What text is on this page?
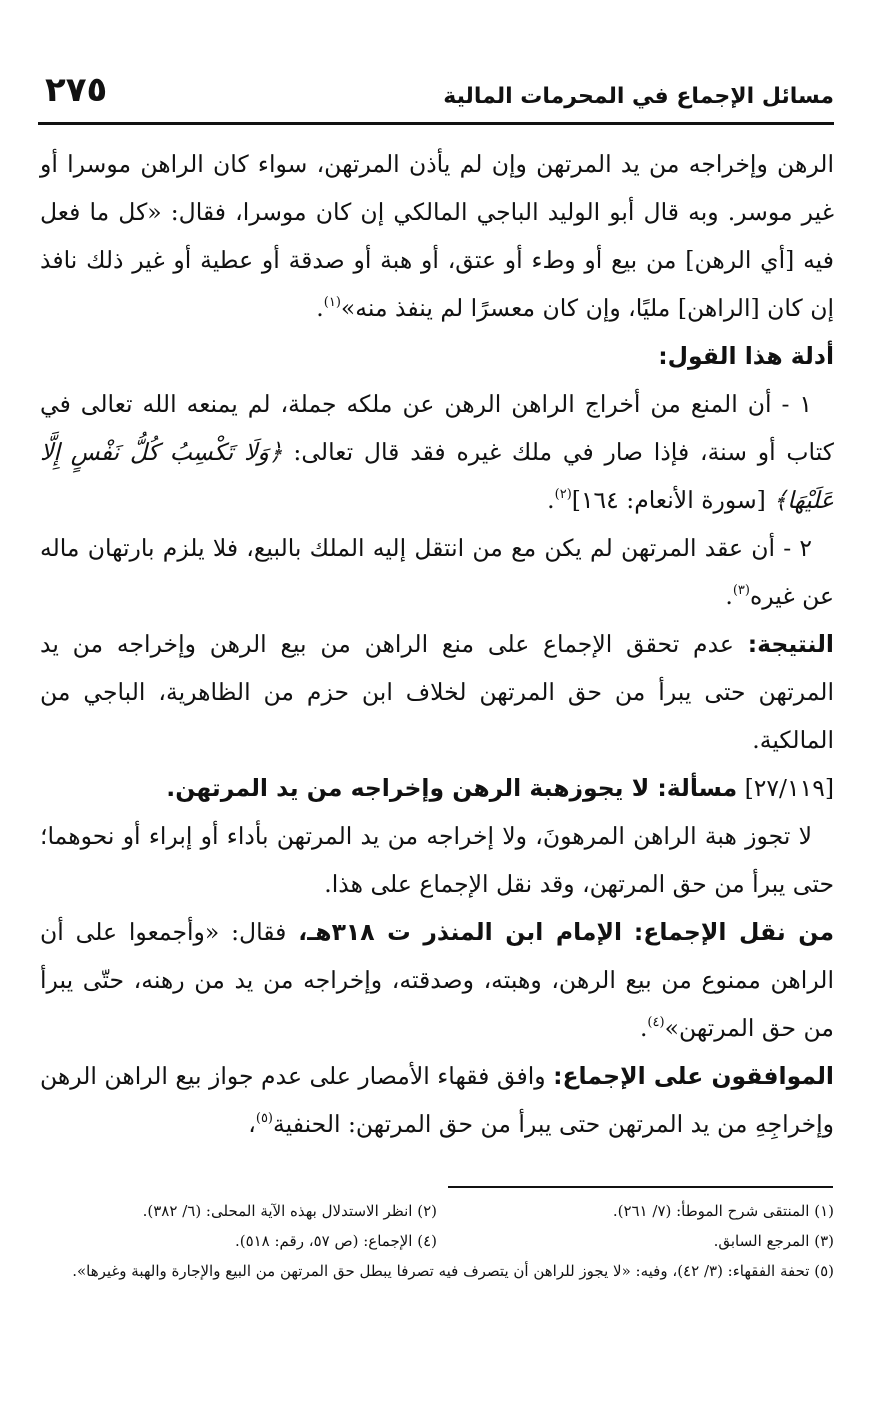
مسائل الإجماع في المحرمات المالية
٢٧٥

الرهن وإخراجه من يد المرتهن وإن لم يأذن المرتهن، سواء كان الراهن موسرا أو غير موسر. وبه قال أبو الوليد الباجي المالكي إن كان موسرا، فقال: «كل ما فعل فيه [أي الرهن] من بيع أو وطء أو عتق، أو هبة أو صدقة أو عطية أو غير ذلك نافذ إن كان [الراهن] مليًا، وإن كان معسرًا لم ينفذ منه»$^{(١)}$.

أدلة هذا القول:

١ - أن المنع من أخراج الراهن الرهن عن ملكه جملة، لم يمنعه الله تعالى في كتاب أو سنة، فإذا صار في ملك غيره فقد قال تعالى: ﴿وَلَا تَكْسِبُ كُلُّ نَفْسٍ إِلَّا عَلَيْهَا﴾ [سورة الأنعام: ١٦٤]$^{(٢)}$.

٢ - أن عقد المرتهن لم يكن مع من انتقل إليه الملك بالبيع، فلا يلزم بارتهان ماله عن غيره$^{(٣)}$.

النتيجة: عدم تحقق الإجماع على منع الراهن من بيع الرهن وإخراجه من يد المرتهن حتى يبرأ من حق المرتهن لخلاف ابن حزم من الظاهرية، الباجي من المالكية.

[٢٧/١١٩] مسألة: لا يجوزهبة الرهن وإخراجه من يد المرتهن.

لا تجوز هبة الراهن المرهونَ، ولا إخراجه من يد المرتهن بأداء أو إبراء أو نحوهما؛ حتى يبرأ من حق المرتهن، وقد نقل الإجماع على هذا.

من نقل الإجماع: الإمام ابن المنذر ت ٣١٨هـ، فقال: «وأجمعوا على أن الراهن ممنوع من بيع الرهن، وهبته، وصدقته، وإخراجه من يد من رهنه، حتّى يبرأ من حق المرتهن»$^{(٤)}$.

الموافقون على الإجماع: وافق فقهاء الأمصار على عدم جواز بيع الراهن الرهن وإخراجِهِ من يد المرتهن حتى يبرأ من حق المرتهن: الحنفية$^{(٥)}$،

(١) المنتقى شرح الموطأ: (٧/ ٢٦١).
(٢) انظر الاستدلال بهذه الآية المحلى: (٦/ ٣٨٢).
(٣) المرجع السابق.
(٤) الإجماع: (ص ٥٧، رقم: ٥١٨).
(٥) تحفة الفقهاء: (٣/ ٤٢)، وفيه: «لا يجوز للراهن أن يتصرف فيه تصرفا يبطل حق المرتهن من البيع والإجارة والهبة وغيرها».
